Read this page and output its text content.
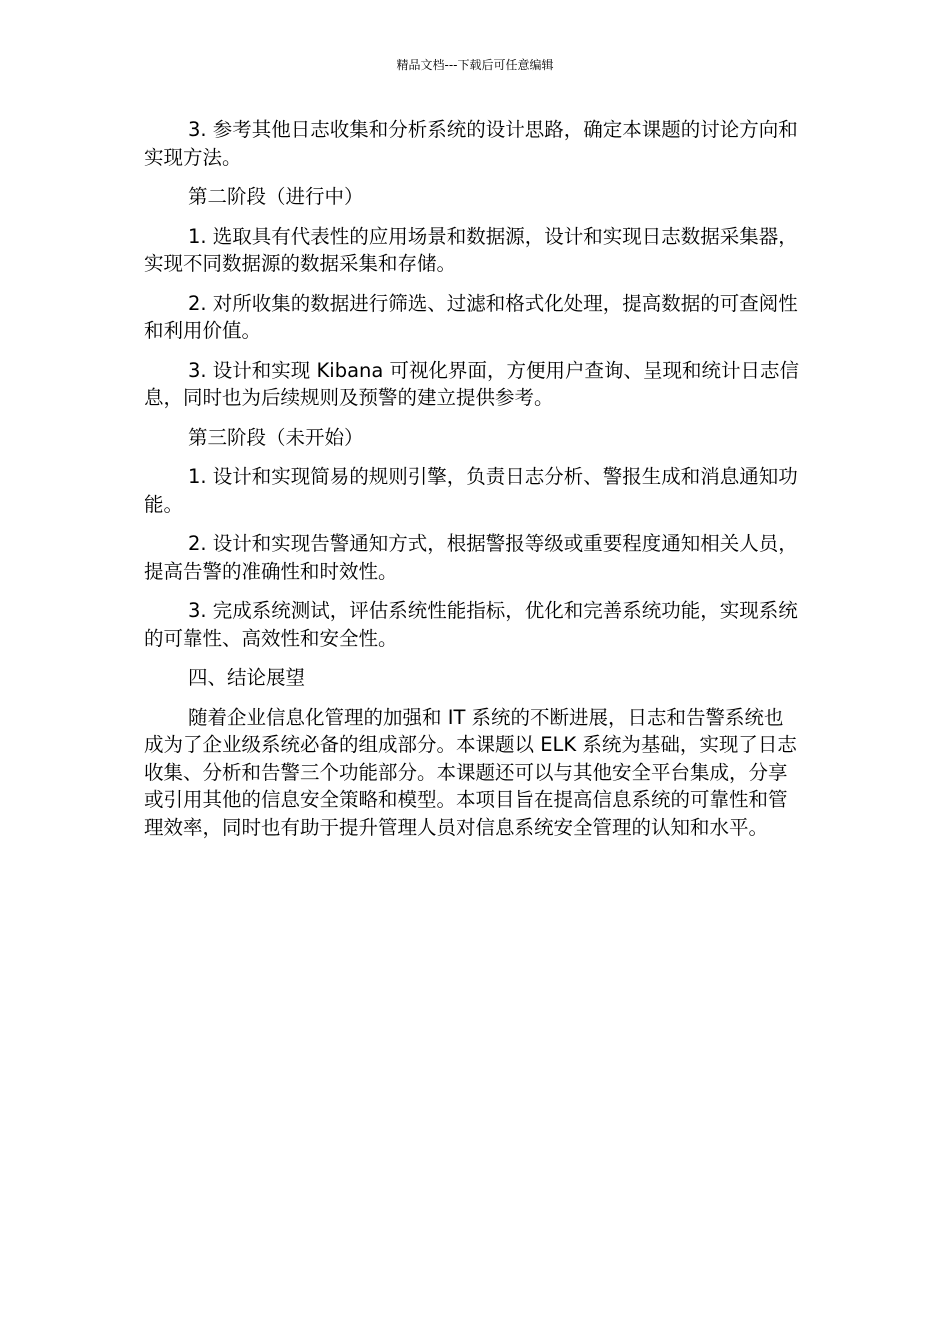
精品文档---下载后可任意编辑

3. 参考其他日志收集和分析系统的设计思路，确定本课题的讨论方向和实现方法。

第二阶段（进行中）

1. 选取具有代表性的应用场景和数据源，设计和实现日志数据采集器，实现不同数据源的数据采集和存储。

2. 对所收集的数据进行筛选、过滤和格式化处理，提高数据的可查阅性和利用价值。

3. 设计和实现 Kibana 可视化界面，方便用户查询、呈现和统计日志信息，同时也为后续规则及预警的建立提供参考。

第三阶段（未开始）

1. 设计和实现简易的规则引擎，负责日志分析、警报生成和消息通知功能。

2. 设计和实现告警通知方式，根据警报等级或重要程度通知相关人员，提高告警的准确性和时效性。

3. 完成系统测试，评估系统性能指标，优化和完善系统功能，实现系统的可靠性、高效性和安全性。

四、结论展望

随着企业信息化管理的加强和 IT 系统的不断进展，日志和告警系统也成为了企业级系统必备的组成部分。本课题以 ELK 系统为基础，实现了日志收集、分析和告警三个功能部分。本课题还可以与其他安全平台集成，分享或引用其他的信息安全策略和模型。本项目旨在提高信息系统的可靠性和管理效率，同时也有助于提升管理人员对信息系统安全管理的认知和水平。
